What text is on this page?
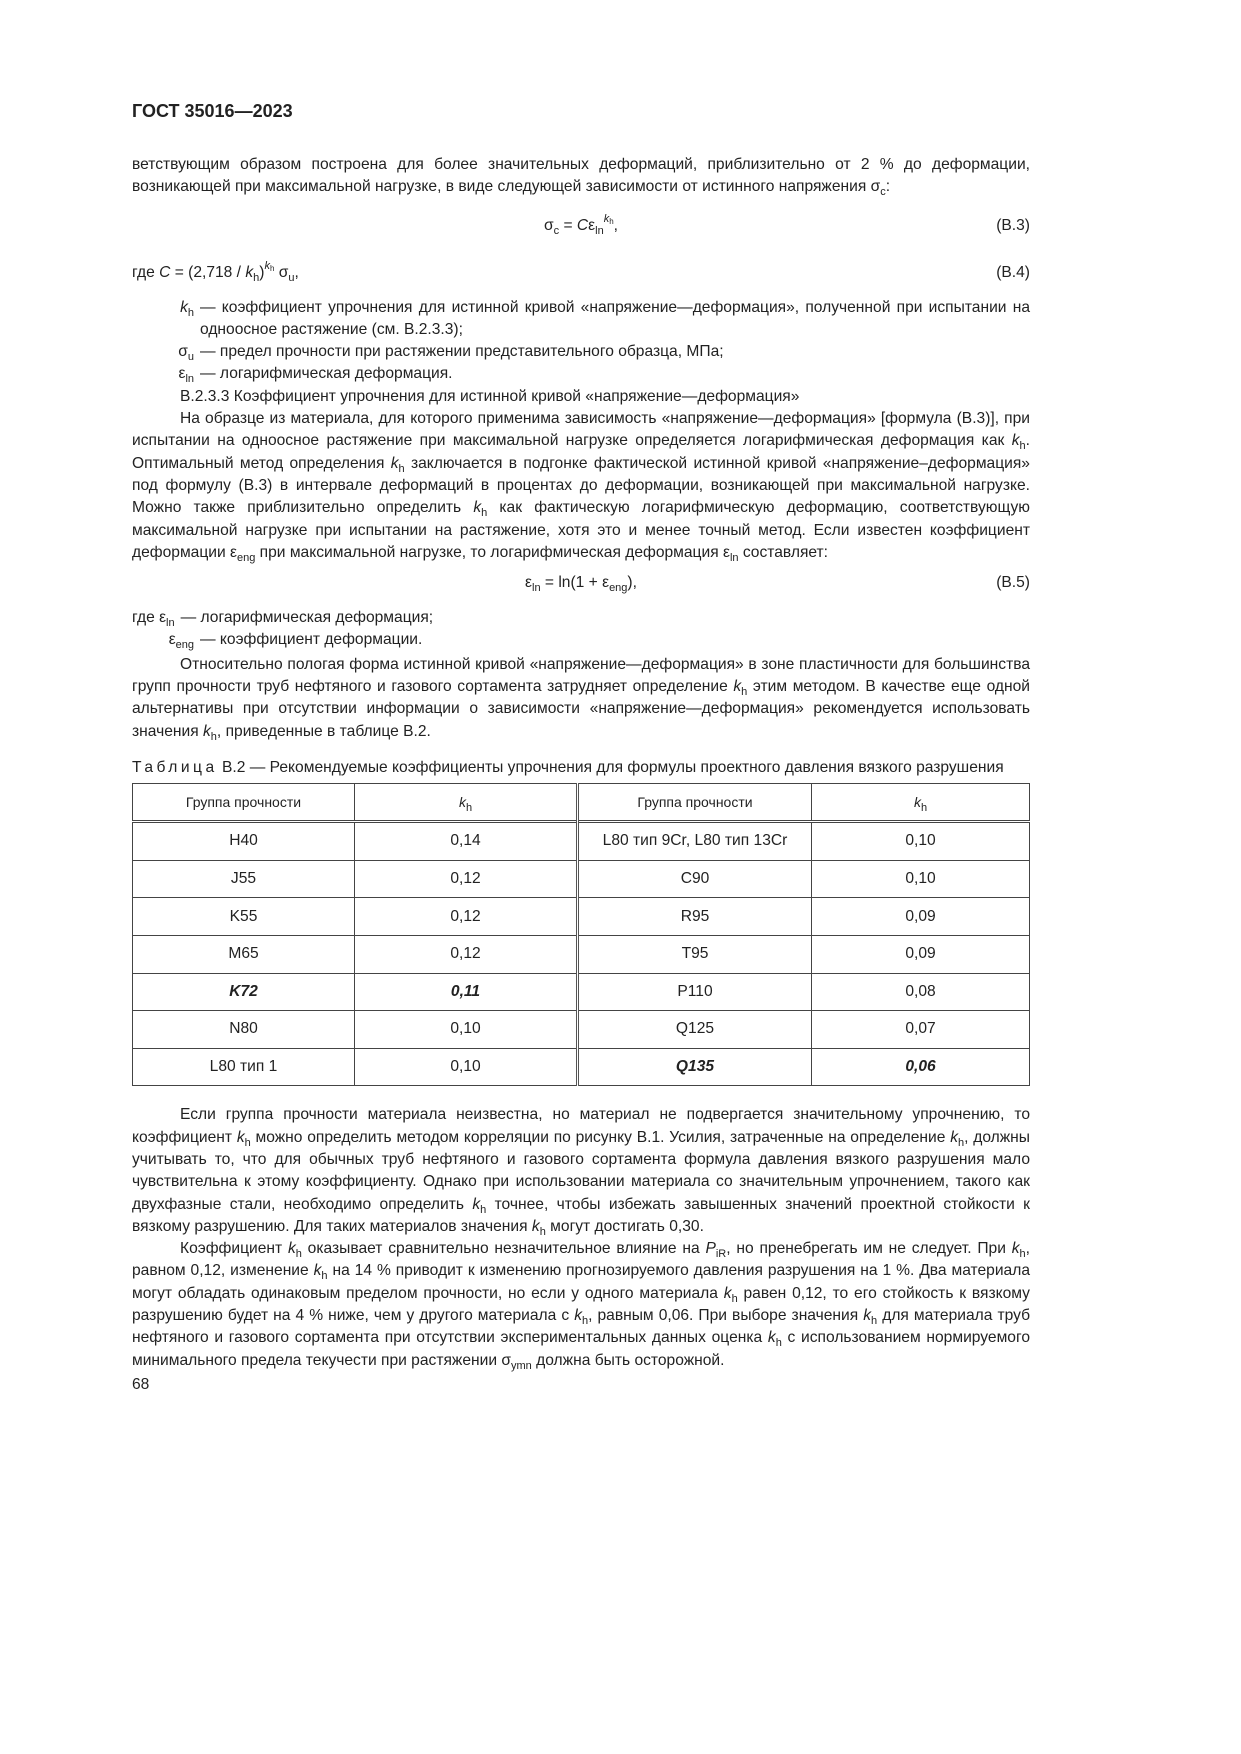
ГОСТ 35016—2023

ветствующим образом построена для более значительных деформаций, приблизительно от 2 % до деформации, возникающей при максимальной нагрузке, в виде следующей зависимости от истинного напряжения $\sigma_c$:

$\sigma_c = C\varepsilon_{ln}^{k_h}$,	(B.3)
где $C = (2,718 / k_h)^{k_h}$ $\sigma_u$,	(B.4)
$k_h$ — коэффициент упрочнения для истинной кривой «напряжение—деформация», полученной при испытании на одноосное растяжение (см. B.2.3.3);
$\sigma_u$ — предел прочности при растяжении представительного образца, МПа;
$\varepsilon_{ln}$ — логарифмическая деформация.

B.2.3.3 Коэффициент упрочнения для истинной кривой «напряжение—деформация»

На образце из материала, для которого применима зависимость «напряжение—деформация» [формула (B.3)], при испытании на одноосное растяжение при максимальной нагрузке определяется логарифмическая деформация как $k_h$. Оптимальный метод определения $k_h$ заключается в подгонке фактической истинной кривой «напряжение–деформация» под формулу (B.3) в интервале деформаций в процентах до деформации, возникающей при максимальной нагрузке. Можно также приблизительно определить $k_h$ как фактическую логарифмическую деформацию, соответствующую максимальной нагрузке при испытании на растяжение, хотя это и менее точный метод. Если известен коэффициент деформации $\varepsilon_{eng}$ при максимальной нагрузке, то логарифмическая деформация $\varepsilon_{ln}$ составляет:

$\varepsilon_{ln} = \ln(1 + \varepsilon_{eng})$,	(B.5)
где $\varepsilon_{ln}$ — логарифмическая деформация;
$\varepsilon_{eng}$ — коэффициент деформации.

Относительно пологая форма истинной кривой «напряжение—деформация» в зоне пластичности для большинства групп прочности труб нефтяного и газового сортамента затрудняет определение $k_h$ этим методом. В качестве еще одной альтернативы при отсутствии информации о зависимости «напряжение—деформация» рекомендуется использовать значения $k_h$, приведенные в таблице B.2.

Таблица B.2 — Рекомендуемые коэффициенты упрочнения для формулы проектного давления вязкого разрушения

Группа прочности	$k_h$	Группа прочности	$k_h$
H40	0,14	L80 тип 9Cr, L80 тип 13Cr	0,10
J55	0,12	C90	0,10
K55	0,12	R95	0,09
M65	0,12	T95	0,09
K72	0,11	P110	0,08
N80	0,10	Q125	0,07
L80 тип 1	0,10	Q135	0,06

Если группа прочности материала неизвестна, но материал не подвергается значительному упрочнению, то коэффициент $k_h$ можно определить методом корреляции по рисунку B.1. Усилия, затраченные на определение $k_h$, должны учитывать то, что для обычных труб нефтяного и газового сортамента формула давления вязкого разрушения мало чувствительна к этому коэффициенту. Однако при использовании материала со значительным упрочнением, такого как двухфазные стали, необходимо определить $k_h$ точнее, чтобы избежать завышенных значений проектной стойкости к вязкому разрушению. Для таких материалов значения $k_h$ могут достигать 0,30.

Коэффициент $k_h$ оказывает сравнительно незначительное влияние на $P_{iR}$, но пренебрегать им не следует. При $k_h$, равном 0,12, изменение $k_h$ на 14 % приводит к изменению прогнозируемого давления разрушения на 1 %. Два материала могут обладать одинаковым пределом прочности, но если у одного материала $k_h$ равен 0,12, то его стойкость к вязкому разрушению будет на 4 % ниже, чем у другого материала с $k_h$, равным 0,06. При выборе значения $k_h$ для материала труб нефтяного и газового сортамента при отсутствии экспериментальных данных оценка $k_h$ с использованием нормируемого минимального предела текучести при растяжении $\sigma_{ymn}$ должна быть осторожной.

68
